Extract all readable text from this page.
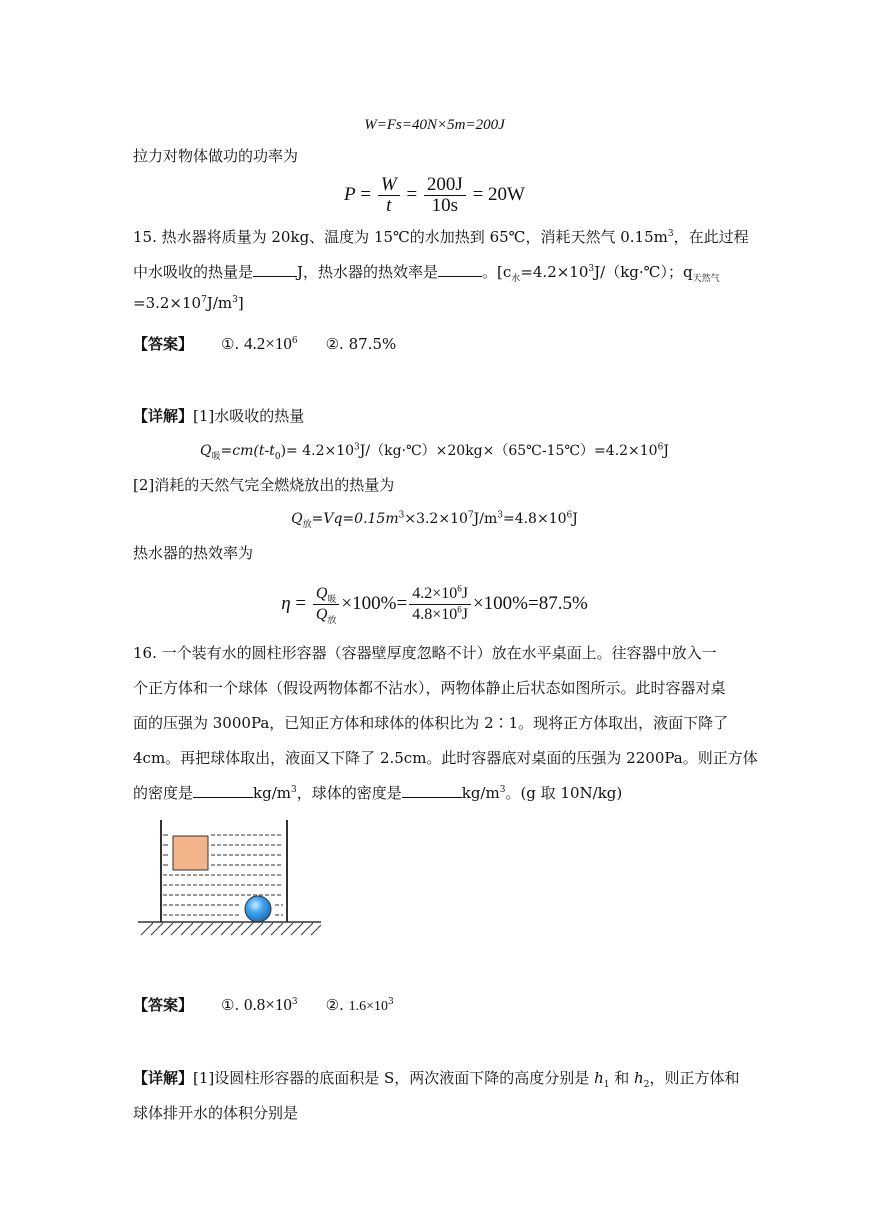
W=Fs=40N×5m=200J
拉力对物体做功的功率为
$P = \frac{W}{t} = \frac{200J}{10s} = 20W$
15. 热水器将质量为 20kg、温度为 15℃的水加热到 65℃，消耗天然气 $0.15m^3$，在此过程
中水吸收的热量是	J，热水器的热效率是	。[$c_水=4.2\times 10^3J/(kg\cdot℃)$；$q_{天然气}$
$=3.2\times 10^7J/m^3$]
【答案】 ①. $4.2\times 10^6$ ②. 87.5%
【详解】[1]水吸收的热量
$Q_吸=cm(t-t_0)=$ $4.2\times 10^3J/(kg\cdot℃)\times 20kg\times(65℃-15℃)=4.2\times 10^6J$
[2]消耗的天然气完全燃烧放出的热量为
$Q_放=Vq=0.15m^3\times 3.2\times 10^7J/m^3=4.8\times 10^6J$
热水器的热效率为
$\eta = \frac{Q_吸}{Q_放} \times 100\%= \frac{4.2\times 10^6J}{4.8\times 10^6J} \times 100\%=87.5\%$
16. 一个装有水的圆柱形容器（容器壁厚度忽略不计）放在水平桌面上。往容器中放入一
个正方体和一个球体（假设两物体都不沾水），两物体静止后状态如图所示。此时容器对桌
面的压强为 3000Pa，已知正方体和球体的体积比为 2∶1。现将正方体取出，液面下降了
4cm。再把球体取出，液面又下降了 2.5cm。此时容器底对桌面的压强为 2200Pa。则正方体
的密度是	$kg/m^3$，球体的密度是	$kg/m^3$。(g 取 10N/kg)
【答案】 ①. $0.8\times 10^3$ ②. $1.6\times 10^3$
【详解】[1]设圆柱形容器的底面积是 S，两次液面下降的高度分别是 $h_1$ 和 $h_2$，则正方体和
球体排开水的体积分别是
